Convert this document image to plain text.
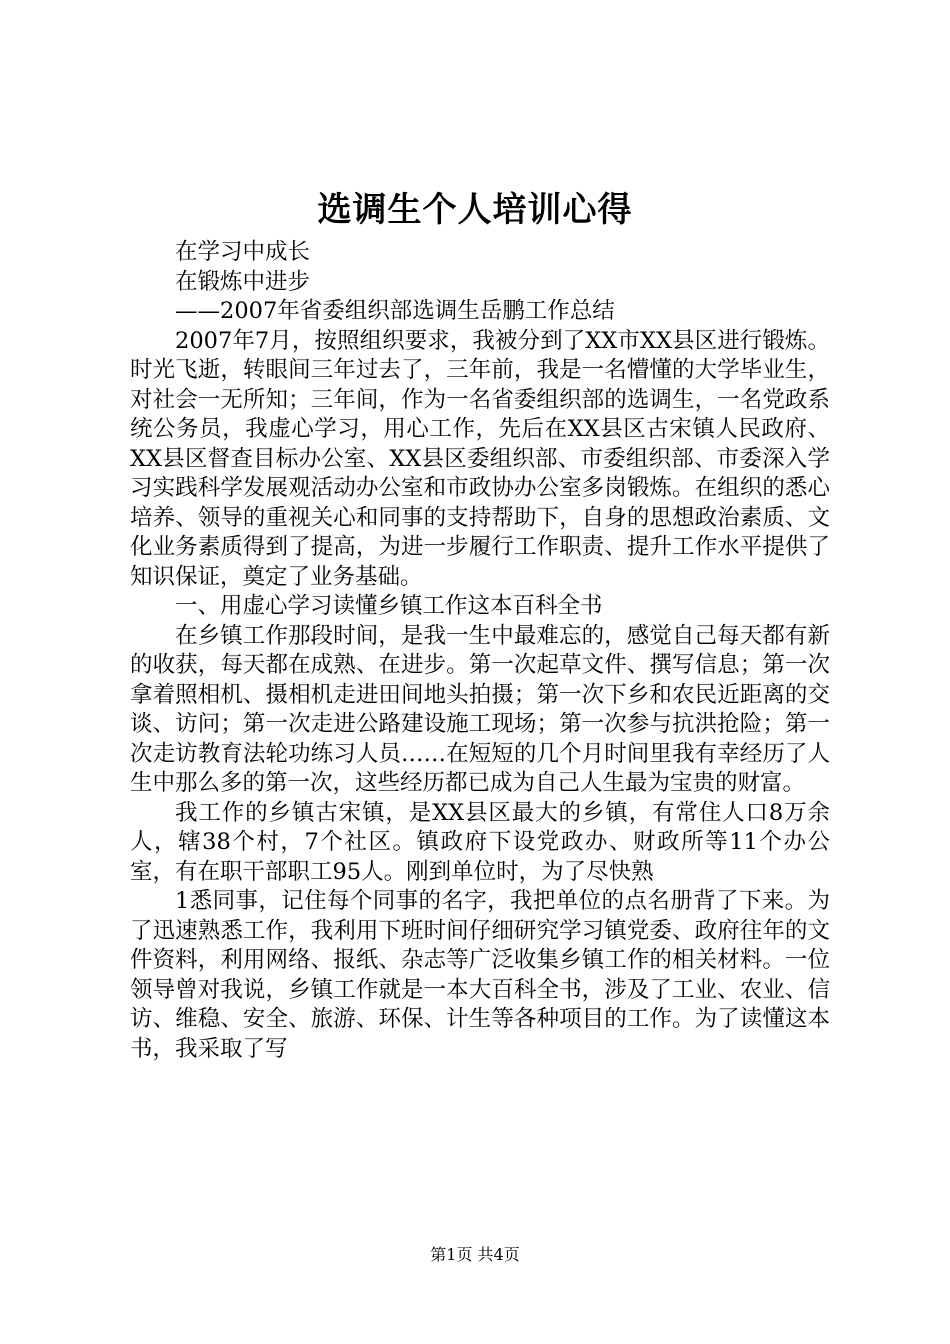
选调生个人培训心得

在学习中成长

在锻炼中进步

——2007年省委组织部选调生岳鹏工作总结

2007年7月，按照组织要求，我被分到了XX市XX县区进行锻炼。时光飞逝，转眼间三年过去了，三年前，我是一名懵懂的大学毕业生，对社会一无所知；三年间，作为一名省委组织部的选调生，一名党政系统公务员，我虚心学习，用心工作，先后在XX县区古宋镇人民政府、XX县区督查目标办公室、XX县区委组织部、市委组织部、市委深入学习实践科学发展观活动办公室和市政协办公室多岗锻炼。在组织的悉心培养、领导的重视关心和同事的支持帮助下，自身的思想政治素质、文化业务素质得到了提高，为进一步履行工作职责、提升工作水平提供了知识保证，奠定了业务基础。

一、用虚心学习读懂乡镇工作这本百科全书

在乡镇工作那段时间，是我一生中最难忘的，感觉自己每天都有新的收获，每天都在成熟、在进步。第一次起草文件、撰写信息；第一次拿着照相机、摄相机走进田间地头拍摄；第一次下乡和农民近距离的交谈、访问；第一次走进公路建设施工现场；第一次参与抗洪抢险；第一次走访教育法轮功练习人员……在短短的几个月时间里我有幸经历了人生中那么多的第一次，这些经历都已成为自己人生最为宝贵的财富。

我工作的乡镇古宋镇，是XX县区最大的乡镇，有常住人口8万余人，辖38个村，7个社区。镇政府下设党政办、财政所等11个办公室，有在职干部职工95人。刚到单位时，为了尽快熟

1悉同事，记住每个同事的名字，我把单位的点名册背了下来。为了迅速熟悉工作，我利用下班时间仔细研究学习镇党委、政府往年的文件资料，利用网络、报纸、杂志等广泛收集乡镇工作的相关材料。一位领导曾对我说，乡镇工作就是一本大百科全书，涉及了工业、农业、信访、维稳、安全、旅游、环保、计生等各种项目的工作。为了读懂这本书，我采取了写

第1页 共4页
